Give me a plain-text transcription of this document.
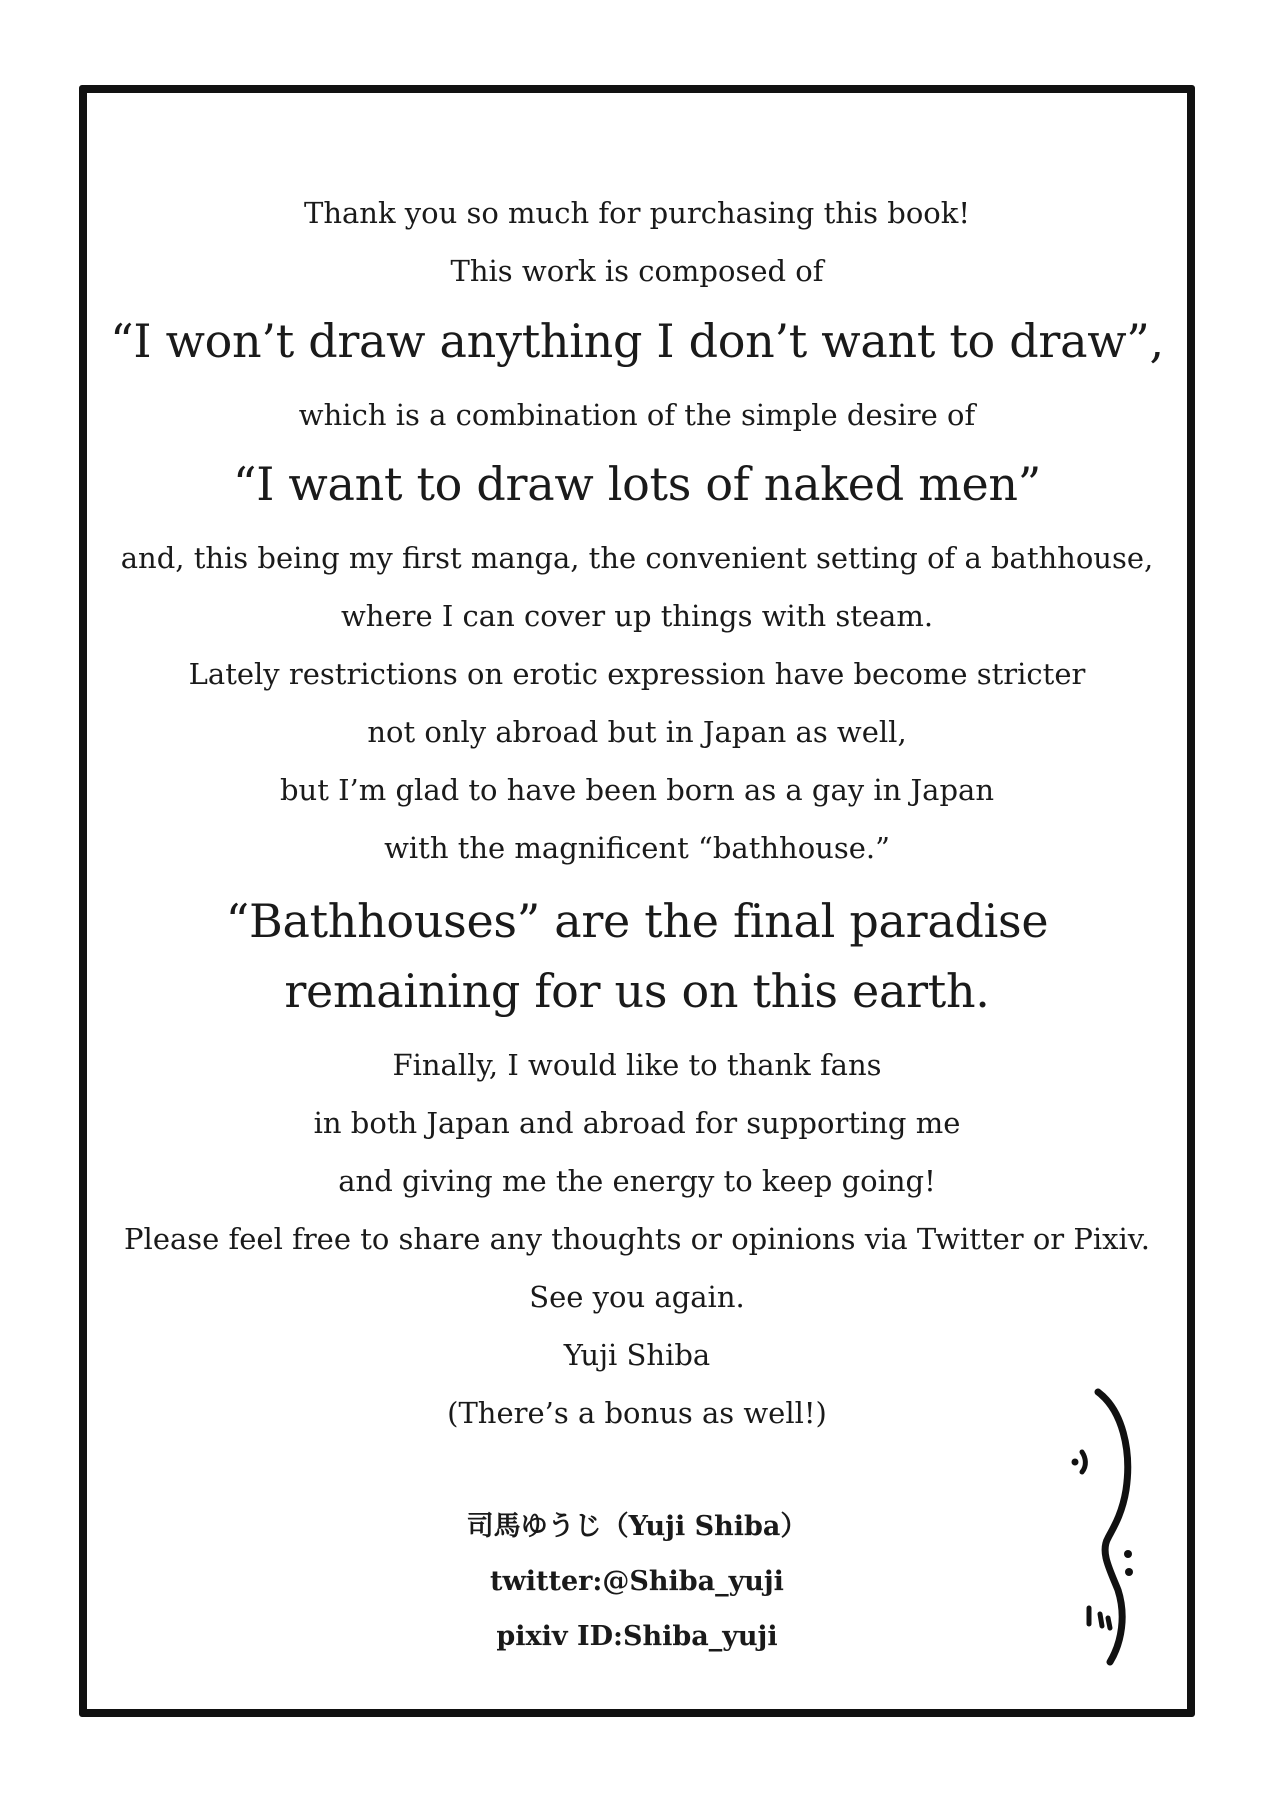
Thank you so much for purchasing this book!
This work is composed of
“I won’t draw anything I don’t want to draw”,
which is a combination of the simple desire of
“I want to draw lots of naked men”
and, this being my first manga, the convenient setting of a bathhouse,
where I can cover up things with steam.
Lately restrictions on erotic expression have become stricter
not only abroad but in Japan as well,
but I’m glad to have been born as a gay in Japan
with the magnificent “bathhouse.”
“Bathhouses” are the final paradise
remaining for us on this earth.
Finally, I would like to thank fans
in both Japan and abroad for supporting me
and giving me the energy to keep going!
Please feel free to share any thoughts or opinions via Twitter or Pixiv.
See you again.
Yuji Shiba
(There’s a bonus as well!)
司馬ゆうじ（Yuji Shiba）
twitter:@Shiba_yuji
pixiv ID:Shiba_yuji
